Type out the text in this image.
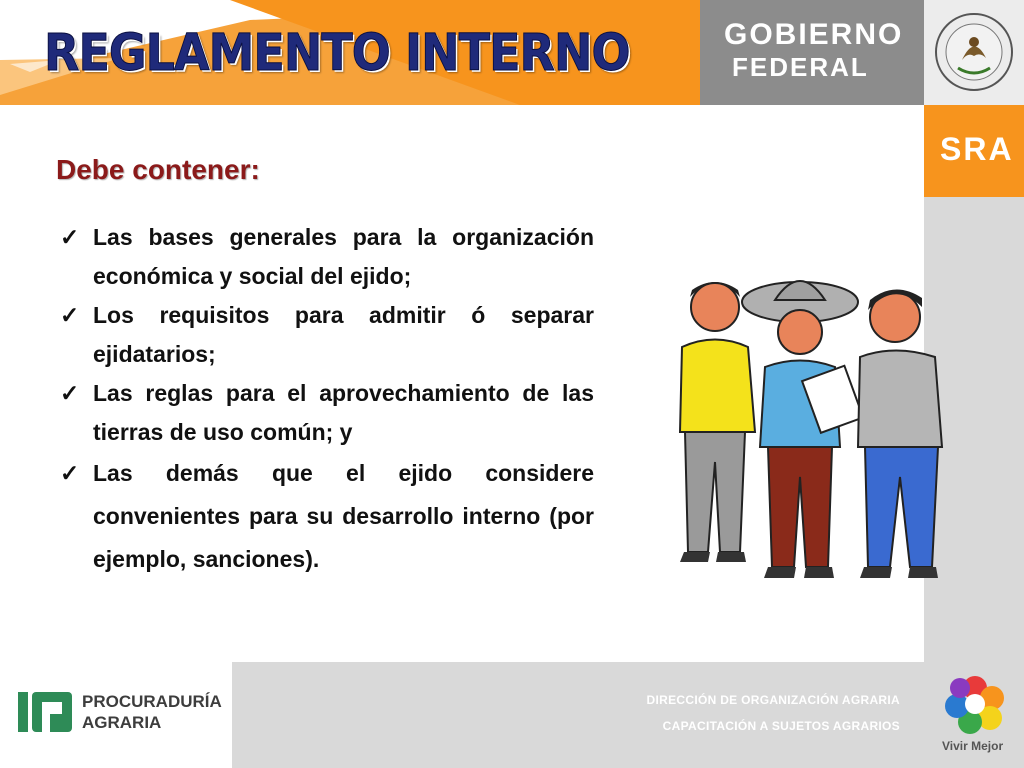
REGLAMENTO INTERNO	GOBIERNO
FEDERAL
SRA
Debe contener:
✓ Las bases generales para la organización económica y social del ejido;
✓ Los requisitos para admitir ó separar ejidatarios;
✓ Las reglas para el aprovechamiento de las tierras de uso común; y
✓ Las demás que el ejido considere convenientes para su desarrollo interno (por ejemplo, sanciones).
DIRECCIÓN DE ORGANIZACIÓN AGRARIA
CAPACITACIÓN A SUJETOS AGRARIOS
PROCURADURÍA
AGRARIA
Vivir Mejor
